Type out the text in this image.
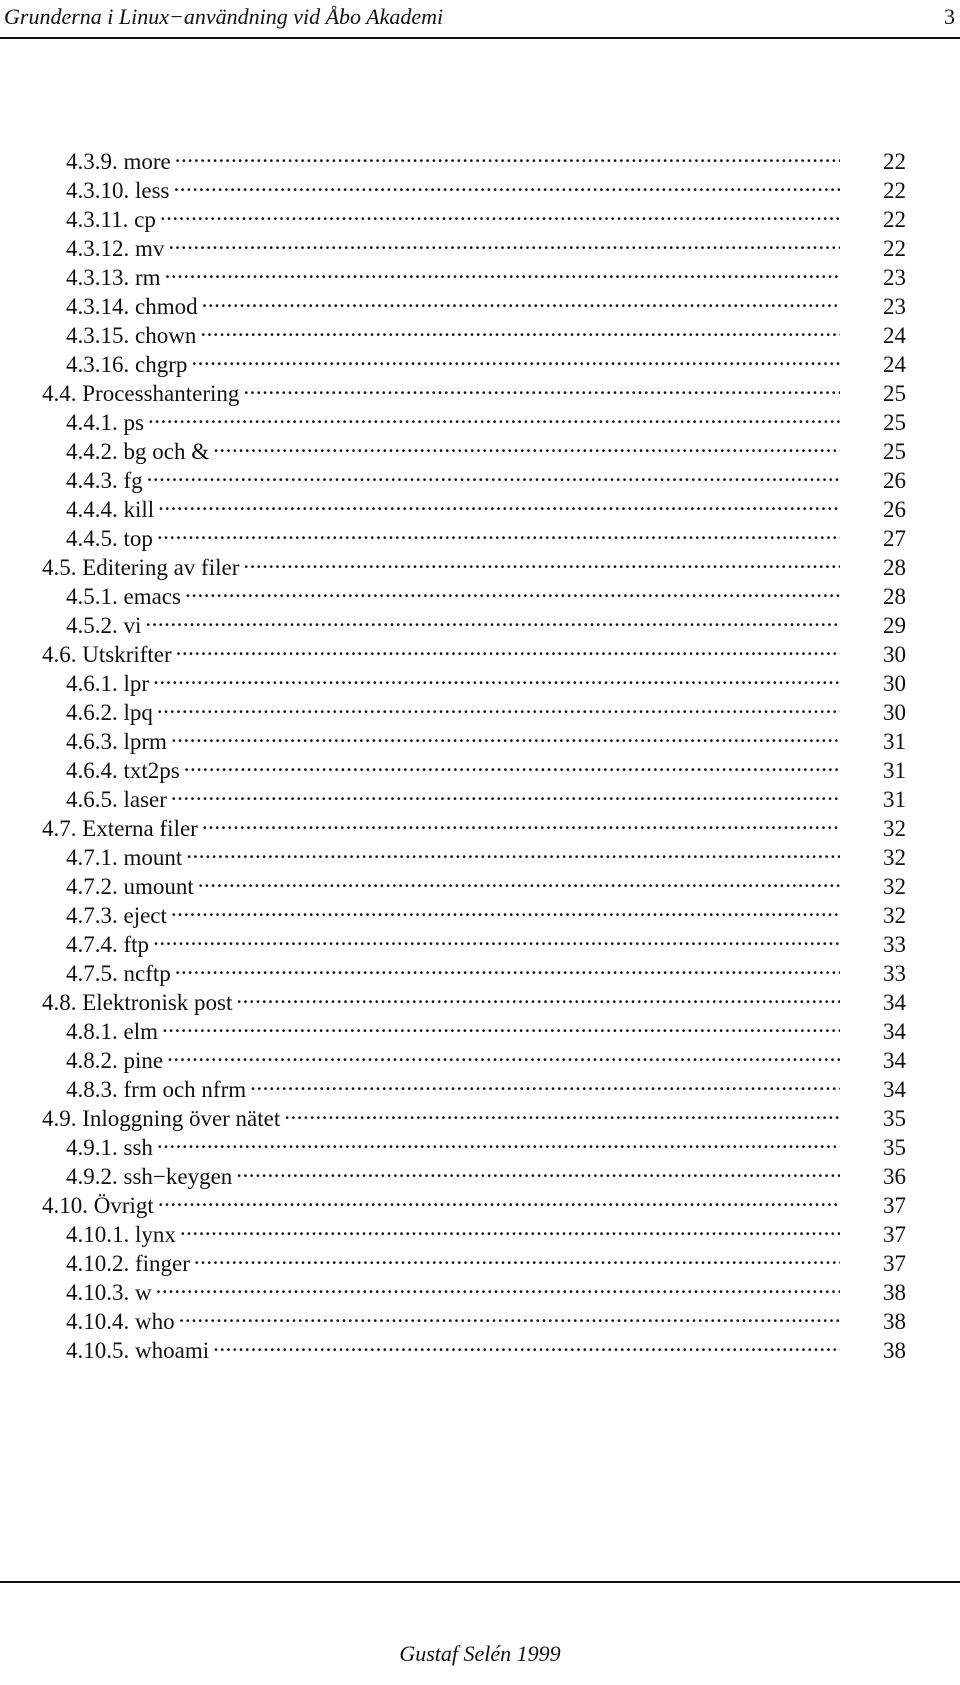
Grunderna i Linux−användning vid Åbo Akademi	3
4.3.9. more .....	22
4.3.10. less .....	22
4.3.11. cp .....	22
4.3.12. mv .....	22
4.3.13. rm .....	23
4.3.14. chmod .....	23
4.3.15. chown .....	24
4.3.16. chgrp .....	24
4.4. Processhantering .....	25
4.4.1. ps .....	25
4.4.2. bg och & .....	25
4.4.3. fg .....	26
4.4.4. kill .....	26
4.4.5. top .....	27
4.5. Editering av filer .....	28
4.5.1. emacs .....	28
4.5.2. vi .....	29
4.6. Utskrifter .....	30
4.6.1. lpr .....	30
4.6.2. lpq .....	30
4.6.3. lprm .....	31
4.6.4. txt2ps .....	31
4.6.5. laser .....	31
4.7. Externa filer .....	32
4.7.1. mount .....	32
4.7.2. umount .....	32
4.7.3. eject .....	32
4.7.4. ftp .....	33
4.7.5. ncftp .....	33
4.8. Elektronisk post .....	34
4.8.1. elm .....	34
4.8.2. pine .....	34
4.8.3. frm och nfrm .....	34
4.9. Inloggning över nätet .....	35
4.9.1. ssh .....	35
4.9.2. ssh−keygen .....	36
4.10. Övrigt .....	37
4.10.1. lynx .....	37
4.10.2. finger .....	37
4.10.3. w .....	38
4.10.4. who .....	38
4.10.5. whoami .....	38
Gustaf Selén 1999
